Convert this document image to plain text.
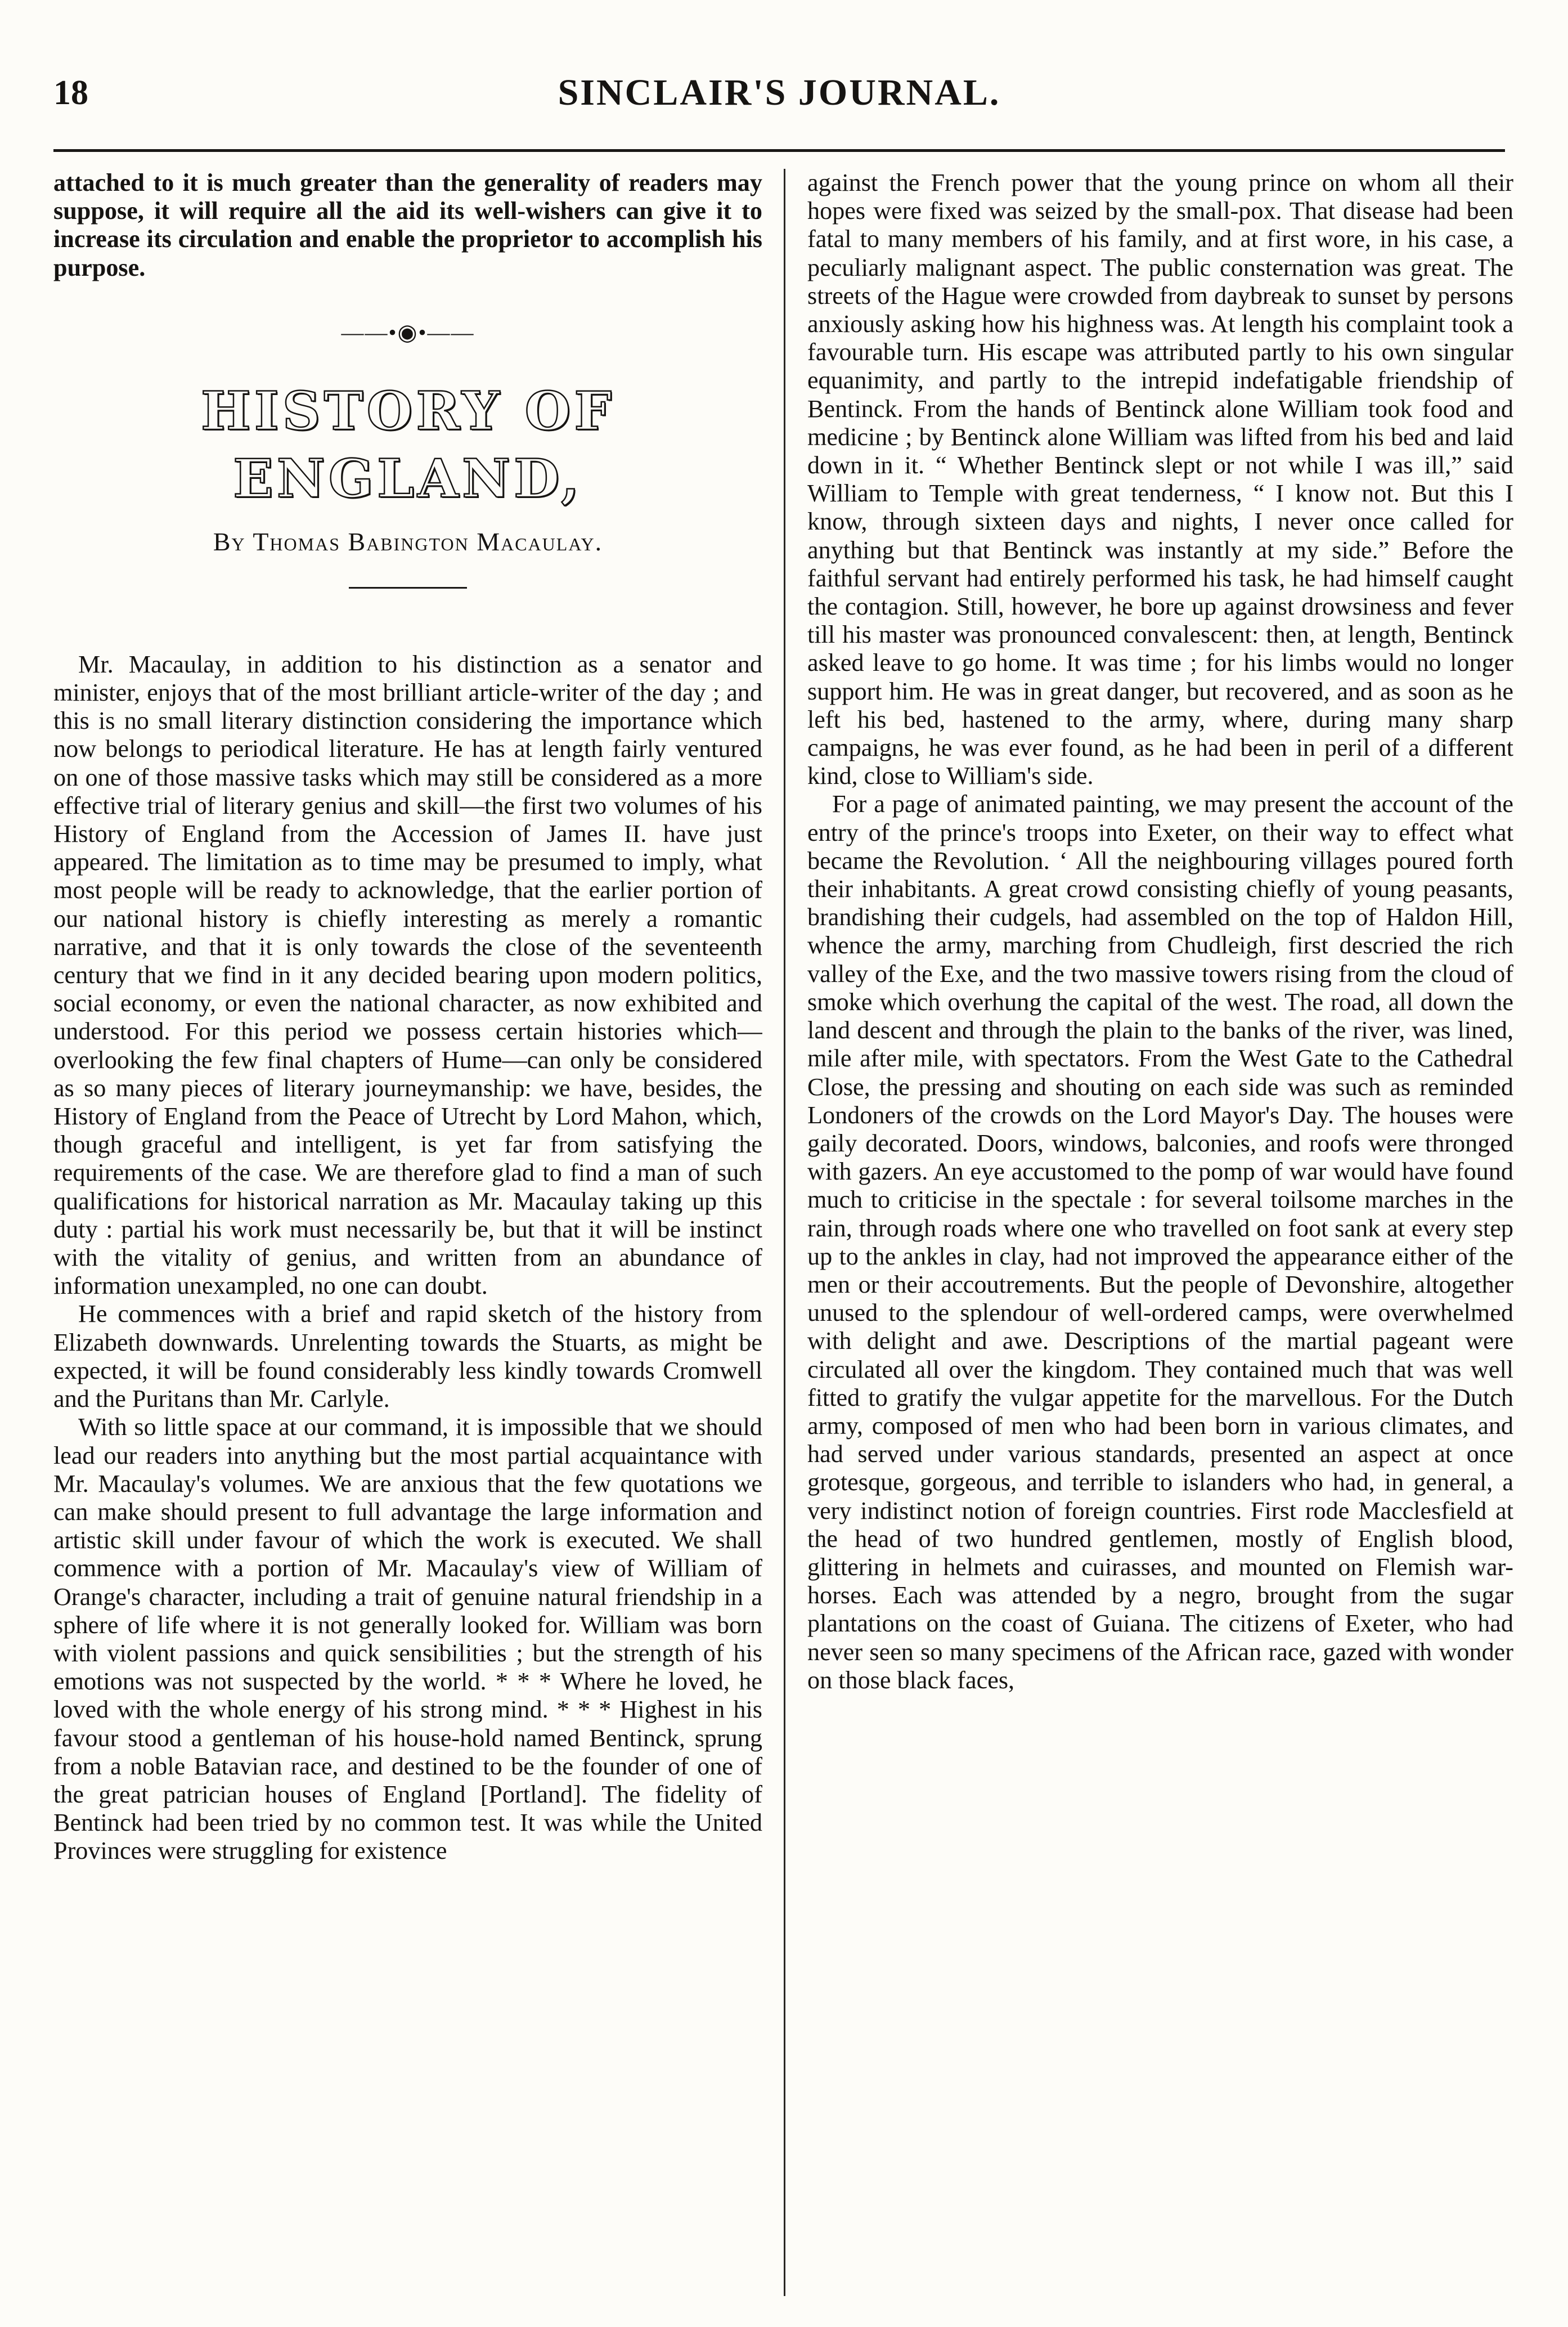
18	SINCLAIR'S JOURNAL.

attached to it is much greater than the generality of readers may suppose, it will require all the aid its well-wishers can give it to increase its circulation and enable the proprietor to accomplish his purpose.

——•◉•——
HISTORY OF ENGLAND,
By Thomas Babington Macaulay.

Mr. Macaulay, in addition to his distinction as a senator and minister, enjoys that of the most brilliant article-writer of the day ; and this is no small literary distinction considering the importance which now belongs to periodical literature. He has at length fairly ventured on one of those massive tasks which may still be considered as a more effective trial of literary genius and skill—the first two volumes of his History of England from the Accession of James II. have just appeared. The limitation as to time may be presumed to imply, what most people will be ready to acknowledge, that the earlier portion of our national history is chiefly interesting as merely a romantic narrative, and that it is only towards the close of the seventeenth century that we find in it any decided bearing upon modern politics, social economy, or even the national character, as now exhibited and understood. For this period we possess certain histories which—overlooking the few final chapters of Hume—can only be considered as so many pieces of literary journeymanship: we have, besides, the History of England from the Peace of Utrecht by Lord Mahon, which, though graceful and intelligent, is yet far from satisfying the requirements of the case. We are therefore glad to find a man of such qualifications for historical narration as Mr. Macaulay taking up this duty : partial his work must necessarily be, but that it will be instinct with the vitality of genius, and written from an abundance of information unexampled, no one can doubt.

He commences with a brief and rapid sketch of the history from Elizabeth downwards. Unrelenting towards the Stuarts, as might be expected, it will be found considerably less kindly towards Cromwell and the Puritans than Mr. Carlyle.

With so little space at our command, it is impossible that we should lead our readers into anything but the most partial acquaintance with Mr. Macaulay's volumes. We are anxious that the few quotations we can make should present to full advantage the large information and artistic skill under favour of which the work is executed. We shall commence with a portion of Mr. Macaulay's view of William of Orange's character, including a trait of genuine natural friendship in a sphere of life where it is not generally looked for. William was born with violent passions and quick sensibilities ; but the strength of his emotions was not suspected by the world. * * * Where he loved, he loved with the whole energy of his strong mind. * * * Highest in his favour stood a gentleman of his house-hold named Bentinck, sprung from a noble Batavian race, and destined to be the founder of one of the great patrician houses of England [Portland]. The fidelity of Bentinck had been tried by no common test. It was while the United Provinces were struggling for existence

against the French power that the young prince on whom all their hopes were fixed was seized by the small-pox. That disease had been fatal to many members of his family, and at first wore, in his case, a peculiarly malignant aspect. The public consternation was great. The streets of the Hague were crowded from daybreak to sunset by persons anxiously asking how his highness was. At length his complaint took a favourable turn. His escape was attributed partly to his own singular equanimity, and partly to the intrepid indefatigable friendship of Bentinck. From the hands of Bentinck alone William took food and medicine ; by Bentinck alone William was lifted from his bed and laid down in it. “ Whether Bentinck slept or not while I was ill,” said William to Temple with great tenderness, “ I know not. But this I know, through sixteen days and nights, I never once called for anything but that Bentinck was instantly at my side.” Before the faithful servant had entirely performed his task, he had himself caught the contagion. Still, however, he bore up against drowsiness and fever till his master was pronounced convalescent: then, at length, Bentinck asked leave to go home. It was time ; for his limbs would no longer support him. He was in great danger, but recovered, and as soon as he left his bed, hastened to the army, where, during many sharp campaigns, he was ever found, as he had been in peril of a different kind, close to William's side.

For a page of animated painting, we may present the account of the entry of the prince's troops into Exeter, on their way to effect what became the Revolution. ‘ All the neighbouring villages poured forth their inhabitants. A great crowd consisting chiefly of young peasants, brandishing their cudgels, had assembled on the top of Haldon Hill, whence the army, marching from Chudleigh, first descried the rich valley of the Exe, and the two massive towers rising from the cloud of smoke which overhung the capital of the west. The road, all down the land descent and through the plain to the banks of the river, was lined, mile after mile, with spectators. From the West Gate to the Cathedral Close, the pressing and shouting on each side was such as reminded Londoners of the crowds on the Lord Mayor's Day. The houses were gaily decorated. Doors, windows, balconies, and roofs were thronged with gazers. An eye accustomed to the pomp of war would have found much to criticise in the spectale : for several toilsome marches in the rain, through roads where one who travelled on foot sank at every step up to the ankles in clay, had not improved the appearance either of the men or their accoutrements. But the people of Devonshire, altogether unused to the splendour of well-ordered camps, were overwhelmed with delight and awe. Descriptions of the martial pageant were circulated all over the kingdom. They contained much that was well fitted to gratify the vulgar appetite for the marvellous. For the Dutch army, composed of men who had been born in various climates, and had served under various standards, presented an aspect at once grotesque, gorgeous, and terrible to islanders who had, in general, a very indistinct notion of foreign countries. First rode Macclesfield at the head of two hundred gentlemen, mostly of English blood, glittering in helmets and cuirasses, and mounted on Flemish war-horses. Each was attended by a negro, brought from the sugar plantations on the coast of Guiana. The citizens of Exeter, who had never seen so many specimens of the African race, gazed with wonder on those black faces,
